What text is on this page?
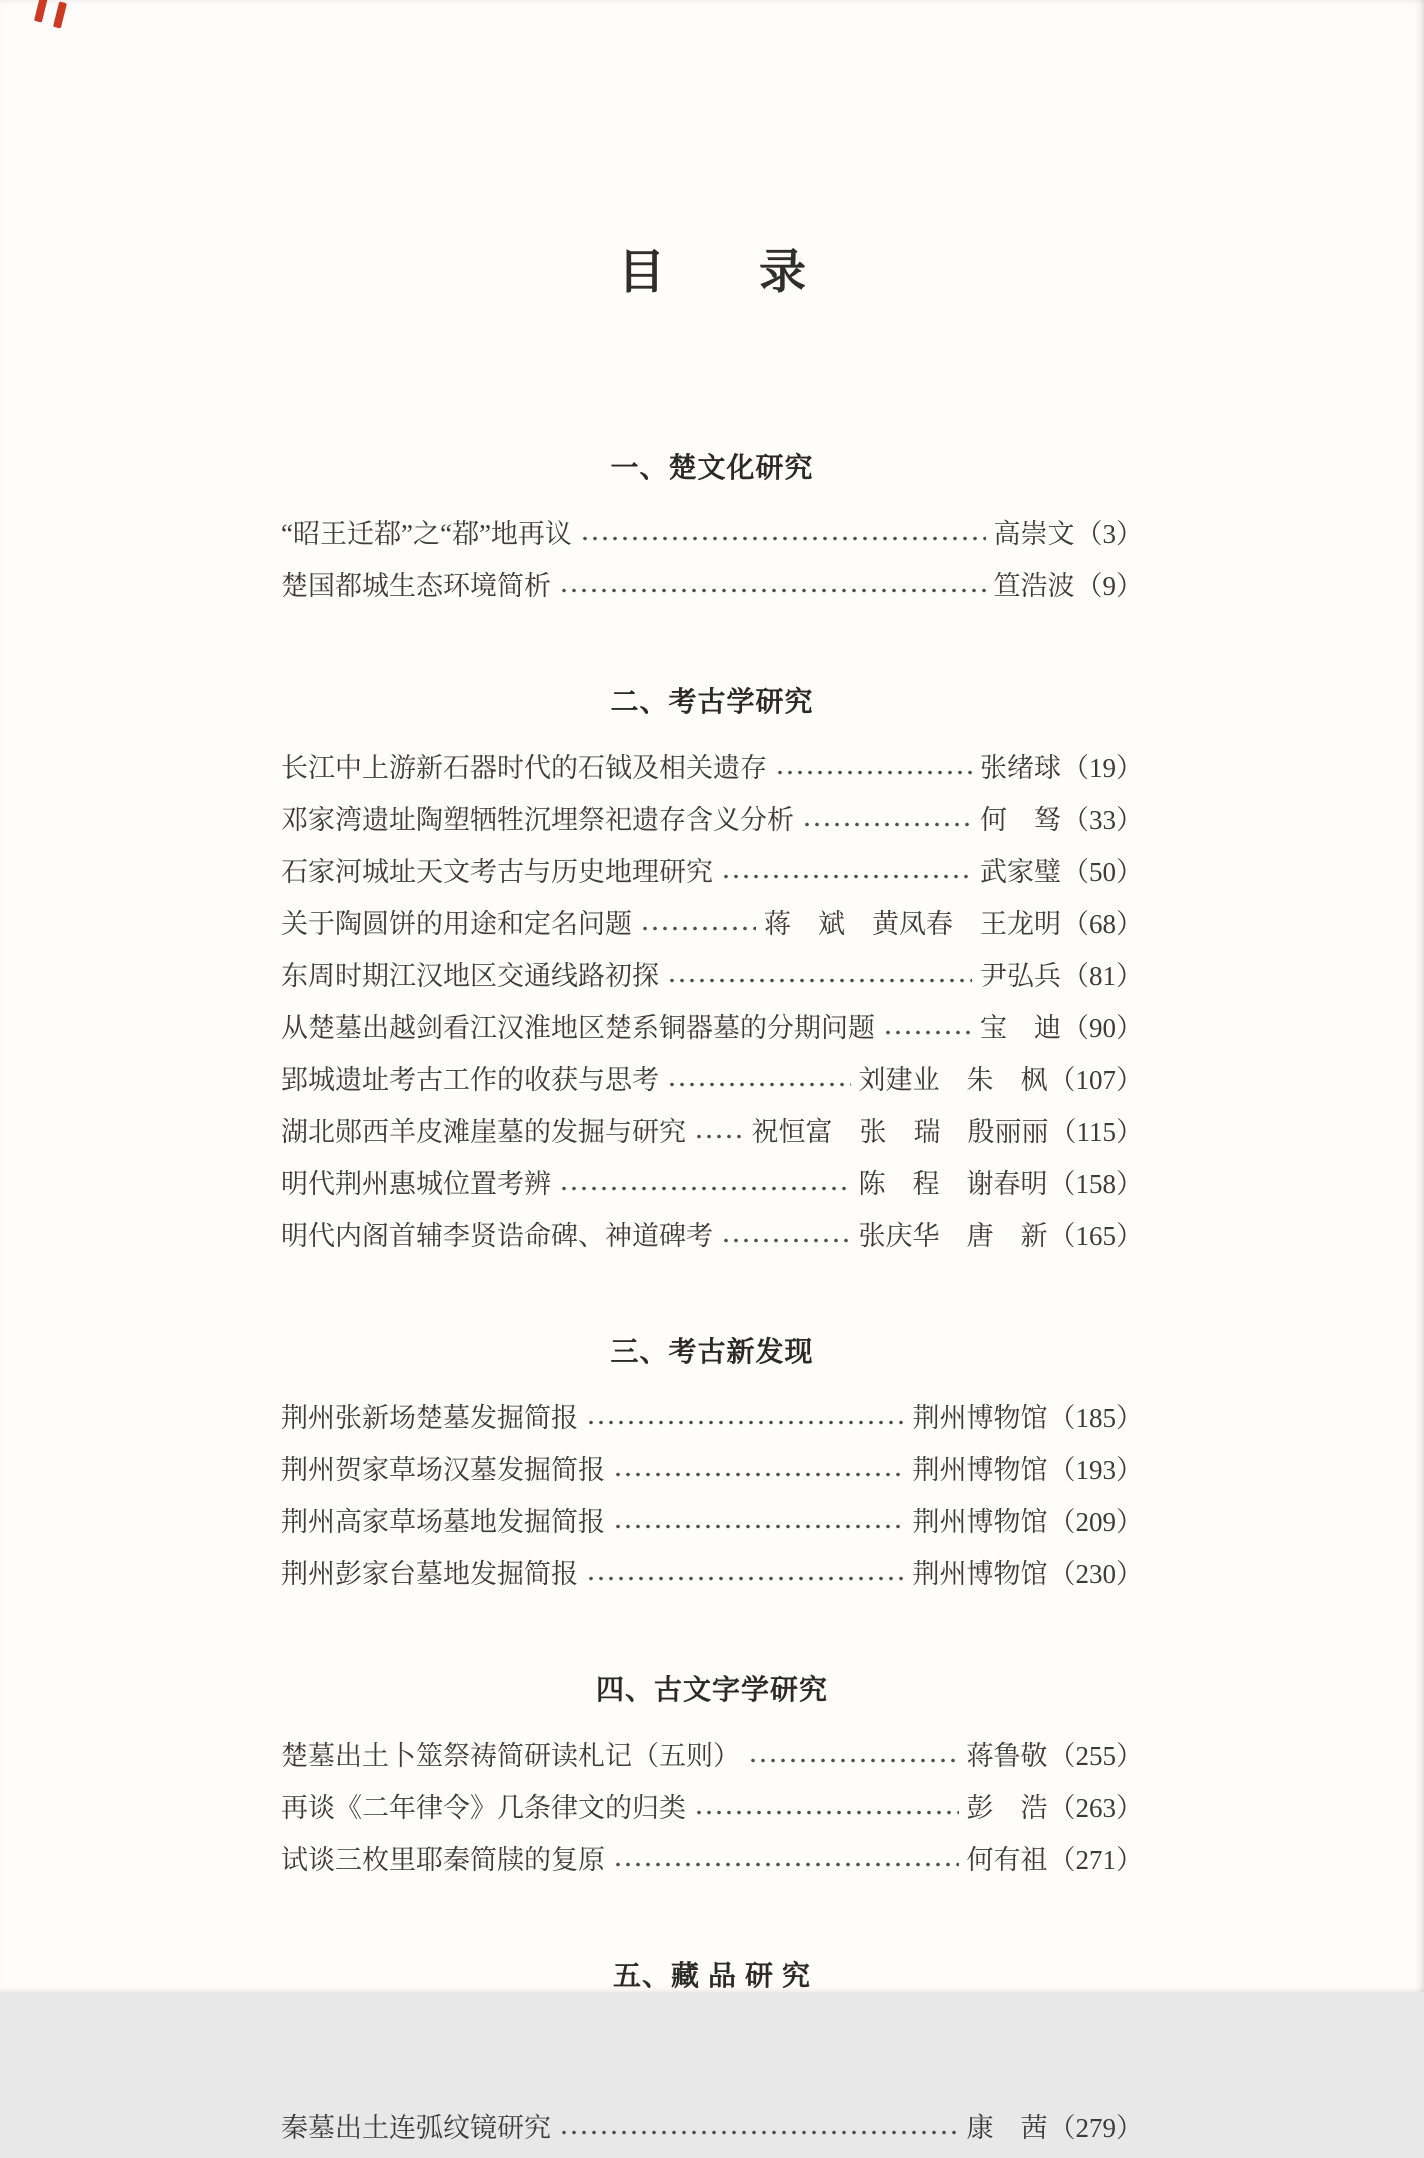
目　　录
一、楚文化研究
“昭王迁鄀”之“鄀”地再议	高崇文 （3）
楚国都城生态环境简析	笪浩波 （9）
二、考古学研究
长江中上游新石器时代的石钺及相关遗存	张绪球 （19）
邓家湾遗址陶塑牺牲沉埋祭祀遗存含义分析	何　驽 （33）
石家河城址天文考古与历史地理研究	武家璧 （50）
关于陶圆饼的用途和定名问题	蒋　斌　黄凤春　王龙明 （68）
东周时期江汉地区交通线路初探	尹弘兵 （81）
从楚墓出越剑看江汉淮地区楚系铜器墓的分期问题	宝　迪 （90）
郢城遗址考古工作的收获与思考	刘建业　朱　枫 （107）
湖北郧西羊皮滩崖墓的发掘与研究 祝恒富　张　瑞　殷丽丽 （115）
明代荆州惠城位置考辨	陈　程　谢春明 （158）
明代内阁首辅李贤诰命碑、神道碑考	张庆华　唐　新 （165）
三、考古新发现
荆州张新场楚墓发掘简报	荆州博物馆 （185）
荆州贺家草场汉墓发掘简报	荆州博物馆 （193）
荆州高家草场墓地发掘简报	荆州博物馆 （209）
荆州彭家台墓地发掘简报	荆州博物馆 （230）
四、古文字学研究
楚墓出土卜筮祭祷简研读札记（五则）	蒋鲁敬 （255）
再谈《二年律令》几条律文的归类	彭　浩 （263）
试谈三枚里耶秦简牍的复原	何有祖 （271）
五、藏 品 研 究
秦墓出土连弧纹镜研究	康　茜 （279）
